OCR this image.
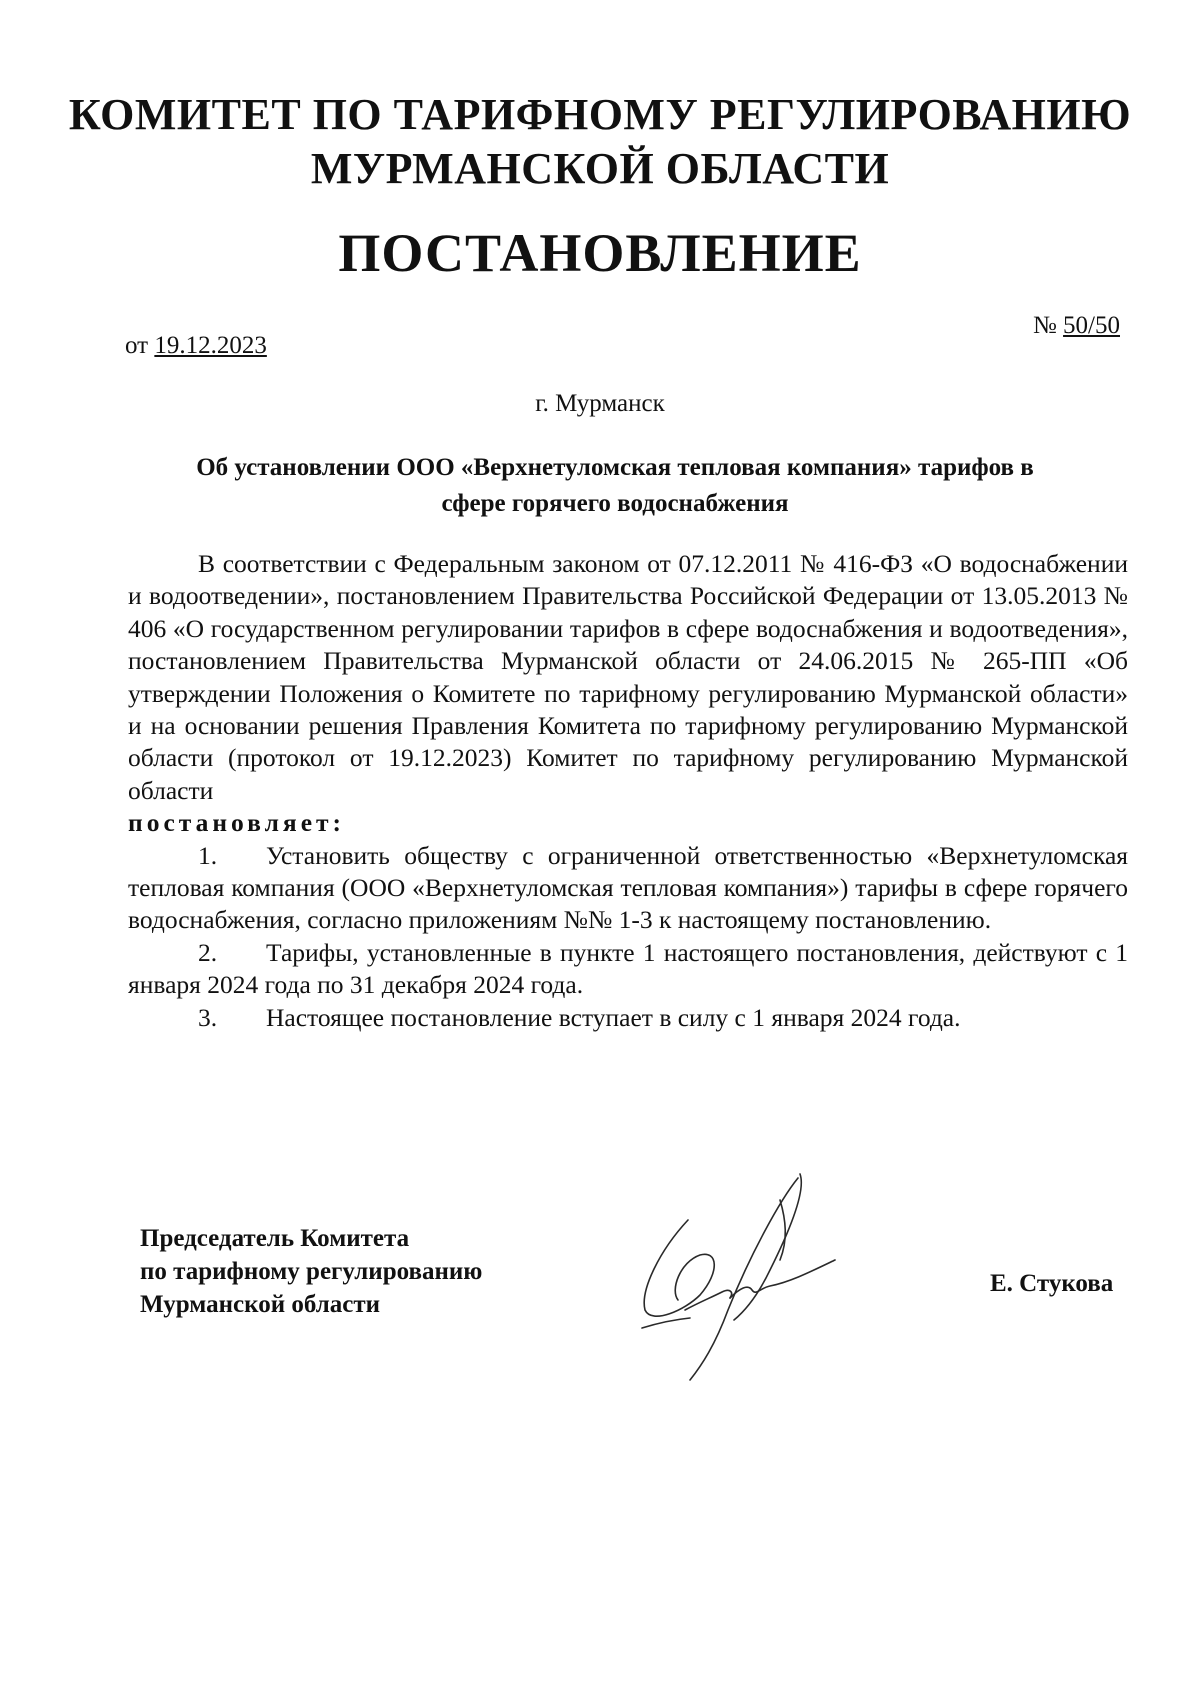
КОМИТЕТ ПО ТАРИФНОМУ РЕГУЛИРОВАНИЮ
МУРМАНСКОЙ ОБЛАСТИ
ПОСТАНОВЛЕНИЕ
от 19.12.2023
№ 50/50
г. Мурманск
Об установлении ООО «Верхнетуломская тепловая компания» тарифов в
сфере горячего водоснабжения

В соответствии с Федеральным законом от 07.12.2011 № 416-ФЗ «О водоснабжении и водоотведении», постановлением Правительства Российской Федерации от 13.05.2013 № 406 «О государственном регулировании тарифов в сфере водоснабжения и водоотведения», постановлением Правительства Мурманской области от 24.06.2015 № 265-ПП «Об утверждении Положения о Комитете по тарифному регулированию Мурманской области» и на основании решения Правления Комитета по тарифному регулированию Мурманской области (протокол от 19.12.2023) Комитет по тарифному регулированию Мурманской области

постановляет:

1. Установить обществу с ограниченной ответственностью «Верхнетуломская тепловая компания (ООО «Верхнетуломская тепловая компания») тарифы в сфере горячего водоснабжения, согласно приложениям №№ 1-3 к настоящему постановлению.

2. Тарифы, установленные в пункте 1 настоящего постановления, действуют с 1 января 2024 года по 31 декабря 2024 года.

3. Настоящее постановление вступает в силу с 1 января 2024 года.

Председатель Комитета
по тарифному регулированию
Мурманской области
Е. Стукова
